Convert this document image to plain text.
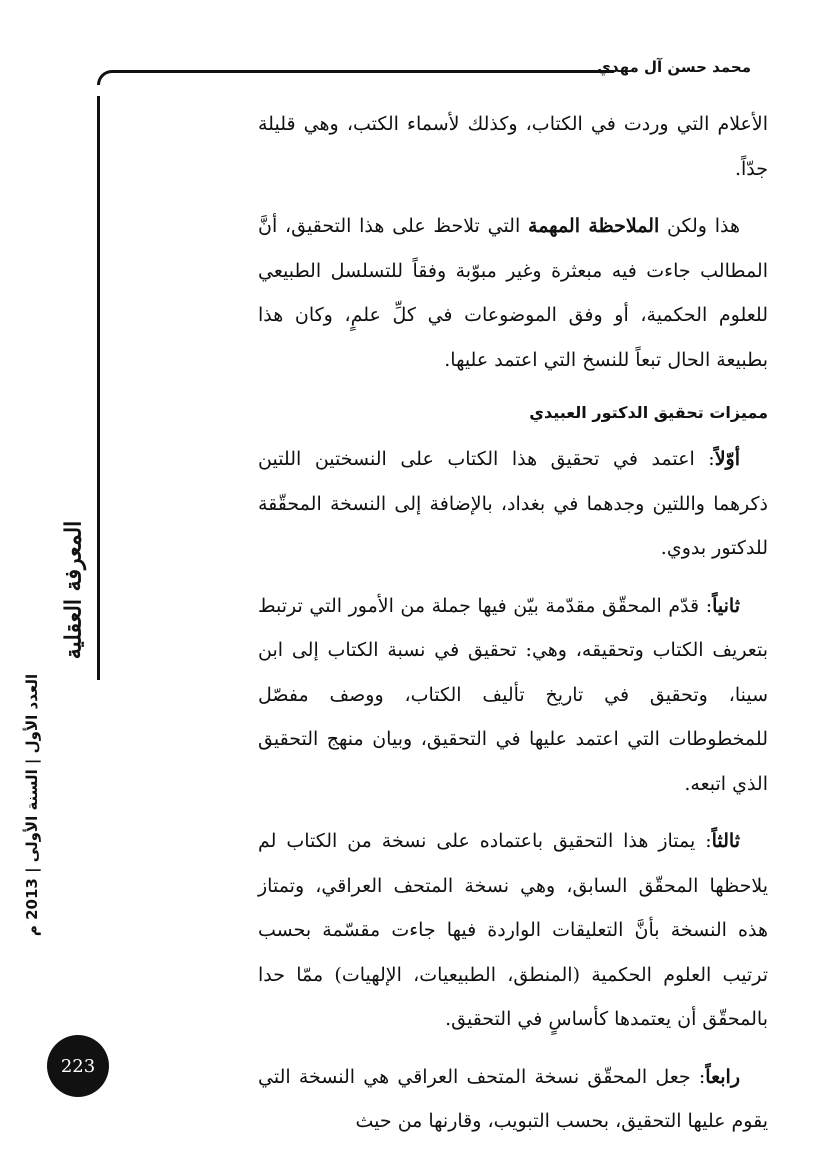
محمد حسن آل مهدي
المعرفة العقلية
العدد الأول | السنة الأولى | 2013 م
223

الأعلام التي وردت في الكتاب، وكذلك لأسماء الكتب، وهي قليلة جدّاً.

هذا ولكن الملاحظة المهمة التي تلاحظ على هذا التحقيق، أنَّ المطالب جاءت فيه مبعثرة وغير مبوّبة وفقاً للتسلسل الطبيعي للعلوم الحكمية، أو وفق الموضوعات في كلِّ علمٍ، وكان هذا بطبيعة الحال تبعاً للنسخ التي اعتمد عليها.

مميزات تحقيق الدكتور العبيدي

أوّلاً: اعتمد في تحقيق هذا الكتاب على النسختين اللتين ذكرهما واللتين وجدهما في بغداد، بالإضافة إلى النسخة المحقّقة للدكتور بدوي.

ثانياً: قدّم المحقّق مقدّمة بيّن فيها جملة من الأمور التي ترتبط بتعريف الكتاب وتحقيقه، وهي: تحقيق في نسبة الكتاب إلى ابن سينا، وتحقيق في تاريخ تأليف الكتاب، ووصف مفصّل للمخطوطات التي اعتمد عليها في التحقيق، وبيان منهج التحقيق الذي اتبعه.

ثالثاً: يمتاز هذا التحقيق باعتماده على نسخة من الكتاب لم يلاحظها المحقّق السابق، وهي نسخة المتحف العراقي، وتمتاز هذه النسخة بأنَّ التعليقات الواردة فيها جاءت مقسّمة بحسب ترتيب العلوم الحكمية (المنطق، الطبيعيات، الإلهيات) ممّا حدا بالمحقّق أن يعتمدها كأساسٍ في التحقيق.

رابعاً: جعل المحقّق نسخة المتحف العراقي هي النسخة التي يقوم عليها التحقيق، بحسب التبويب، وقارنها من حيث
